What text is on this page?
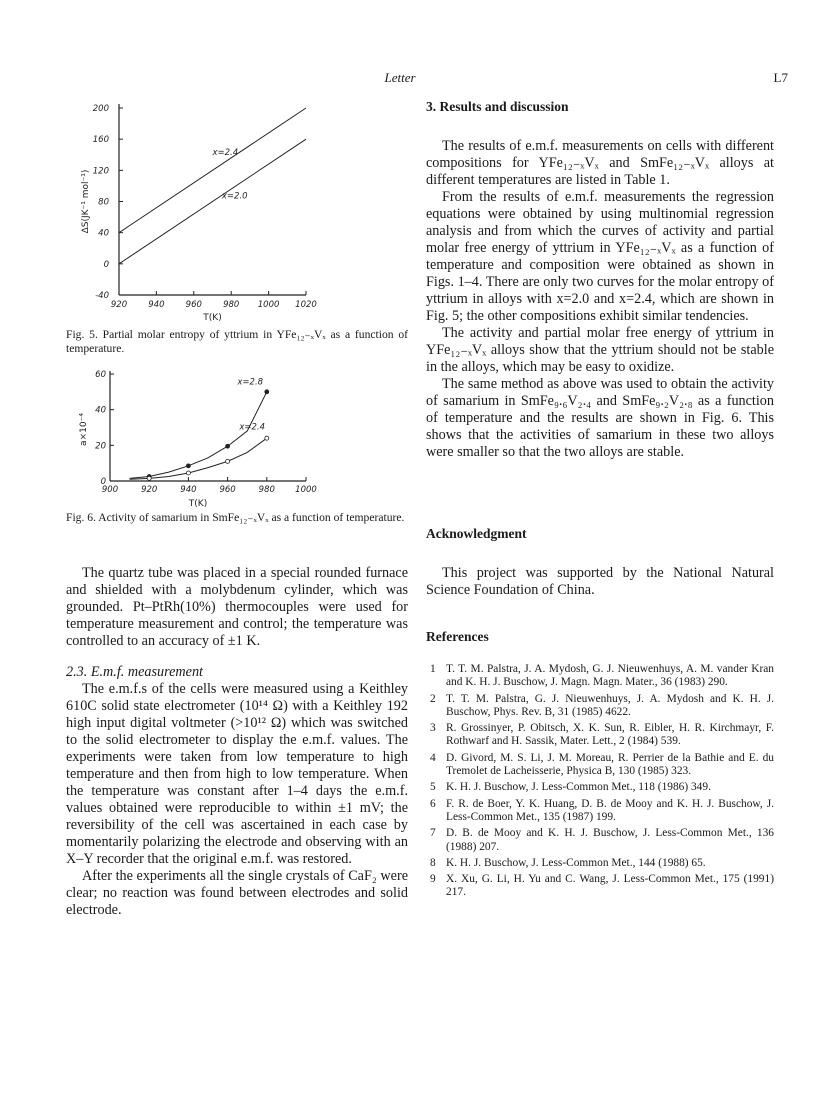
Letter	L7
920 940 960 980 1000 1020
200
160
120
80
40
0
-40
T(K)
ΔS(JK⁻¹ mol⁻¹)
x=2.4
x=2.0
Fig. 5. Partial molar entropy of yttrium in YFe₁₂₋ₓVₓ as a function of temperature.
900	920	940	960	980 1000
60
40
20
0
T(K)
a×10⁻⁴
x=2.8
x=2.4
Fig. 6. Activity of samarium in SmFe₁₂₋ₓVₓ as a function of temperature.

The quartz tube was placed in a special rounded furnace and shielded with a molybdenum cylinder, which was grounded. Pt–PtRh(10%) thermocouples were used for temperature measurement and control; the temperature was controlled to an accuracy of ±1 K.

2.3. E.m.f. measurement

The e.m.f.s of the cells were measured using a Keithley 610C solid state electrometer (10¹⁴ Ω) with a Keithley 192 high input digital voltmeter (>10¹² Ω) which was switched to the solid electrometer to display the e.m.f. values. The experiments were taken from low temperature to high temperature and then from high to low temperature. When the temperature was constant after 1–4 days the e.m.f. values obtained were reproducible to within ±1 mV; the reversibility of the cell was ascertained in each case by momentarily polarizing the electrode and observing with an X–Y recorder that the original e.m.f. was restored.

After the experiments all the single crystals of CaF₂ were clear; no reaction was found between electrodes and solid electrode.

3. Results and discussion

The results of e.m.f. measurements on cells with different compositions for YFe₁₂₋ₓVₓ and SmFe₁₂₋ₓVₓ alloys at different temperatures are listed in Table 1.

From the results of e.m.f. measurements the regression equations were obtained by using multinomial regression analysis and from which the curves of activity and partial molar free energy of yttrium in YFe₁₂₋ₓVₓ as a function of temperature and composition were obtained as shown in Figs. 1–4. There are only two curves for the molar entropy of yttrium in alloys with x=2.0 and x=2.4, which are shown in Fig. 5; the other compositions exhibit similar tendencies.

The activity and partial molar free energy of yttrium in YFe₁₂₋ₓVₓ alloys show that the yttrium should not be stable in the alloys, which may be easy to oxidize.

The same method as above was used to obtain the activity of samarium in SmFe₉.₆V₂.₄ and SmFe₉.₂V₂.₈ as a function of temperature and the results are shown in Fig. 6. This shows that the activities of samarium in these two alloys were smaller so that the two alloys are stable.

Acknowledgment

This project was supported by the National Natural Science Foundation of China.

References
1 T. T. M. Palstra, J. A. Mydosh, G. J. Nieuwenhuys, A. M. vander Kran and K. H. J. Buschow, J. Magn. Magn. Mater., 36 (1983) 290.
2 T. T. M. Palstra, G. J. Nieuwenhuys, J. A. Mydosh and K. H. J. Buschow, Phys. Rev. B, 31 (1985) 4622.
3 R. Grossinyer, P. Obitsch, X. K. Sun, R. Eibler, H. R. Kirchmayr, F. Rothwarf and H. Sassik, Mater. Lett., 2 (1984) 539.
4 D. Givord, M. S. Li, J. M. Moreau, R. Perrier de la Bathie and E. du Tremolet de Lacheisserie, Physica B, 130 (1985) 323.
5 K. H. J. Buschow, J. Less-Common Met., 118 (1986) 349.
6 F. R. de Boer, Y. K. Huang, D. B. de Mooy and K. H. J. Buschow, J. Less-Common Met., 135 (1987) 199.
7 D. B. de Mooy and K. H. J. Buschow, J. Less-Common Met., 136 (1988) 207.
8 K. H. J. Buschow, J. Less-Common Met., 144 (1988) 65.
9 X. Xu, G. Li, H. Yu and C. Wang, J. Less-Common Met., 175 (1991) 217.
